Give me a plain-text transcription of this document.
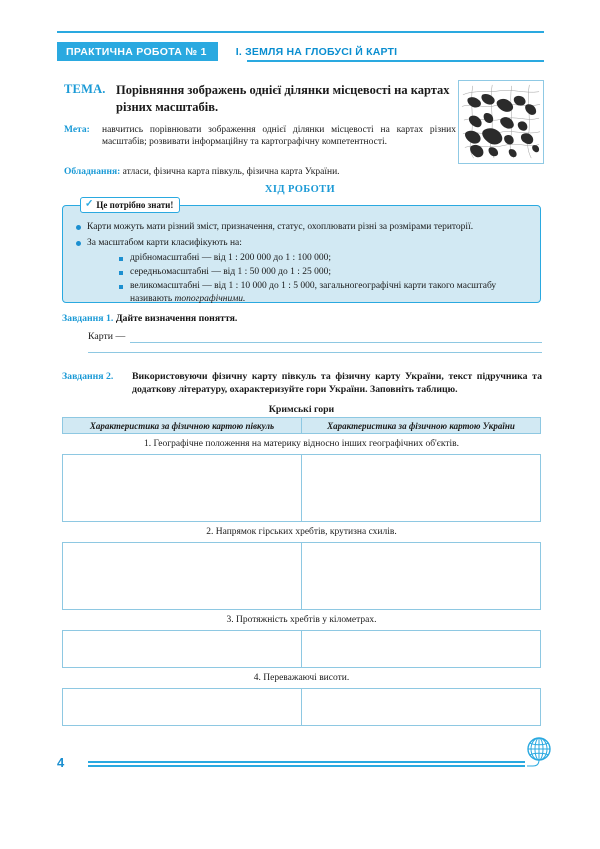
ПРАКТИЧНА РОБОТА № 1	І. ЗЕМЛЯ НА ГЛОБУСІ Й КАРТІ
ТЕМА. Порівняння зображень однієї ділянки місцевості на картах різних масштабів.
Мета:	навчитись порівнювати зображення однієї ділянки місцевості на картах різних масштабів; розвивати інформаційну та картографічну компетентності.
Обладнання: атласи, фізична карта півкуль, фізична карта України.
ХІД РОБОТИ
✓ Це потрібно знати!
Карти можуть мати різний зміст, призначення, статус, охоплювати різні за розмірами території.
За масштабом карти класифікують на:
дрібномасштабні — від 1 : 200 000 до 1 : 100 000;
середньомасштабні — від 1 : 50 000 до 1 : 25 000;
великомасштабні — від 1 : 10 000 до 1 : 5 000, загальногеографічні карти такого масштабу називають топографічними.
Завдання 1. Дайте визначення поняття.
Карти —
Завдання 2.	Використовуючи фізичну карту півкуль та фізичну карту України, текст підручника та додаткову літературу, охарактеризуйте гори України. Заповніть таблицю.
Кримські гори
Характеристика за фізичною картою півкуль	Характеристика за фізичною картою України
1. Географічне положення на материку відносно інших географічних об'єктів.
2. Напрямок гірських хребтів, крутизна схилів.
3. Протяжність хребтів у кілометрах.
4. Переважаючі висоти.
4
